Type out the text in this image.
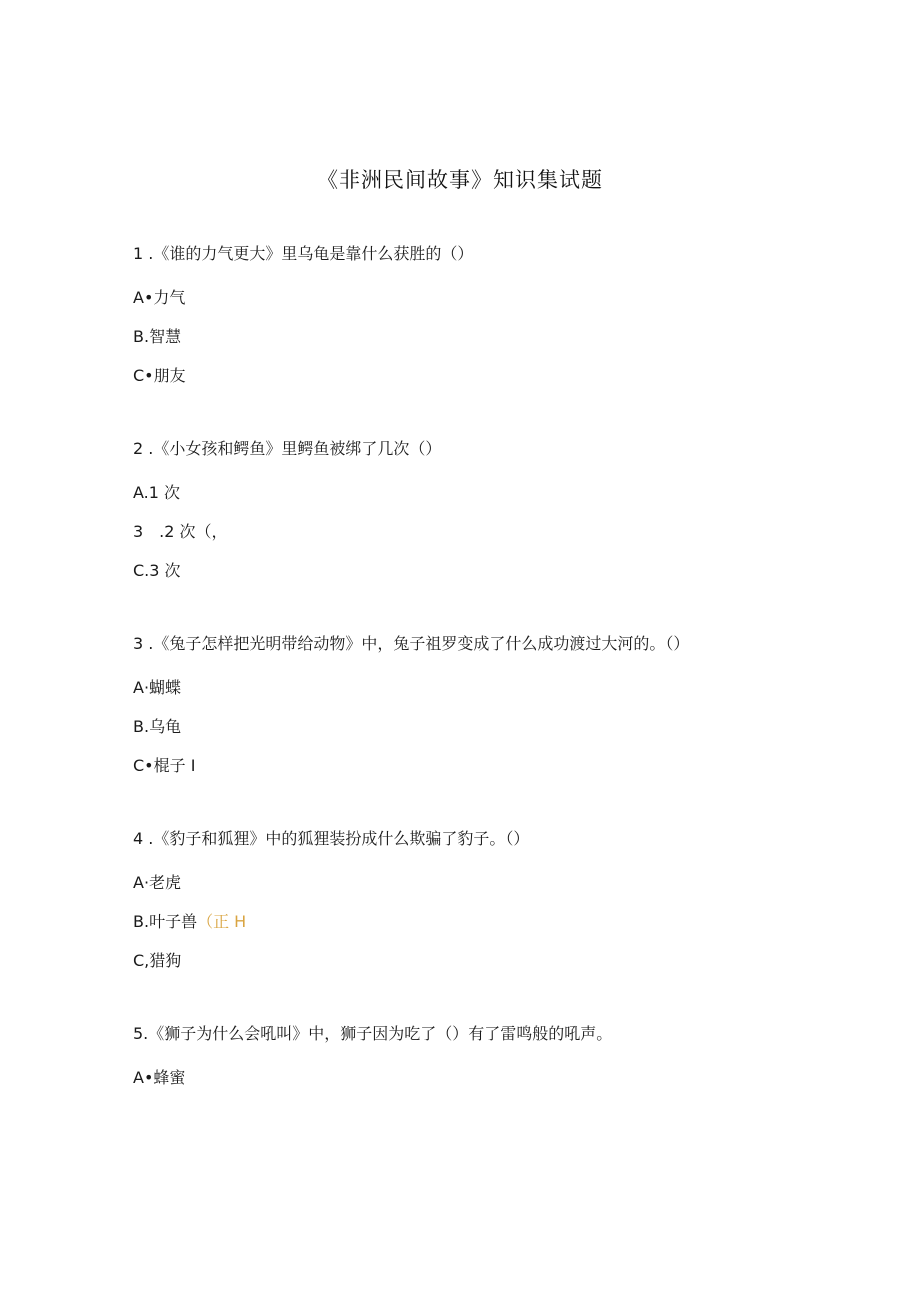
《非洲民间故事》知识集试题
1 .《谁的力气更大》里乌龟是靠什么获胜的（）
A•力气
B.智慧
C•朋友
2 .《小女孩和鳄鱼》里鳄鱼被绑了几次（）
A.1 次
3　.2 次（，
C.3 次
3 .《兔子怎样把光明带给动物》中，兔子祖罗变成了什么成功渡过大河的。（）
A·蝴蝶
B.乌龟
C•棍子 I
4 .《豹子和狐狸》中的狐狸装扮成什么欺骗了豹子。（）
A·老虎
B.叶子兽（正 H
C,猎狗
5.《狮子为什么会吼叫》中，狮子因为吃了（）有了雷鸣般的吼声。
A•蜂蜜
